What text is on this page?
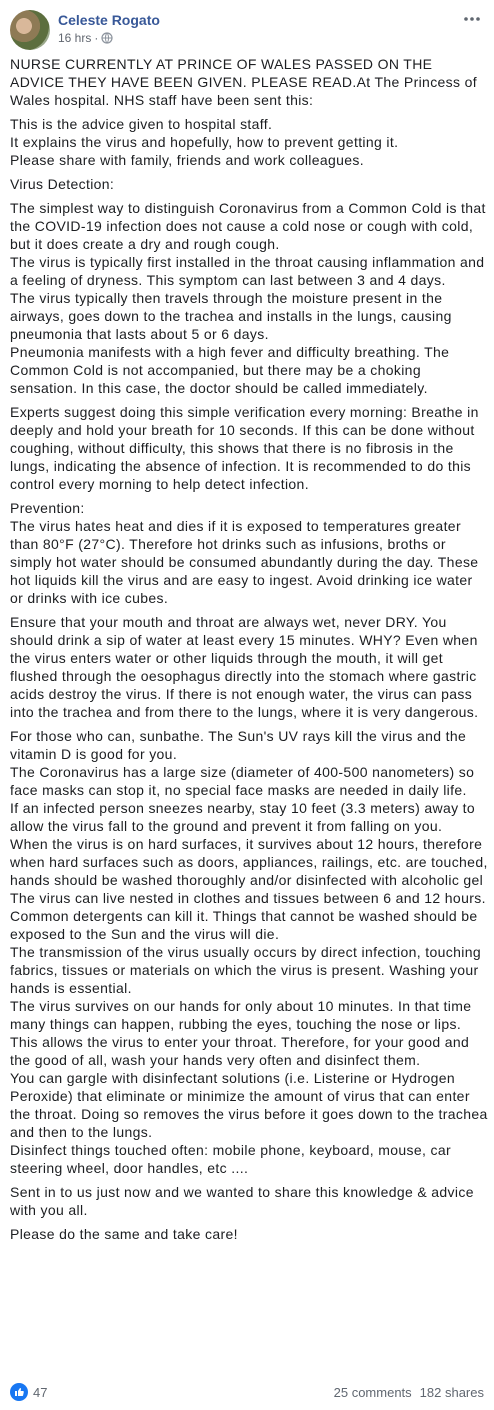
Celeste Rogato
16 hrs ·

NURSE CURRENTLY AT PRINCE OF WALES PASSED ON THE ADVICE THEY HAVE BEEN GIVEN. PLEASE READ.At The Princess of Wales hospital. NHS staff have been sent this:

This is the advice given to hospital staff.
It explains the virus and hopefully, how to prevent getting it.
Please share with family, friends and work colleagues.

Virus Detection:

The simplest way to distinguish Coronavirus from a Common Cold is that the COVID-19 infection does not cause a cold nose or cough with cold, but it does create a dry and rough cough.
The virus is typically first installed in the throat causing inflammation and a feeling of dryness. This symptom can last between 3 and 4 days.
The virus typically then travels through the moisture present in the airways, goes down to the trachea and installs in the lungs, causing pneumonia that lasts about 5 or 6 days.
Pneumonia manifests with a high fever and difficulty breathing. The Common Cold is not accompanied, but there may be a choking sensation. In this case, the doctor should be called immediately.

Experts suggest doing this simple verification every morning: Breathe in deeply and hold your breath for 10 seconds. If this can be done without coughing, without difficulty, this shows that there is no fibrosis in the lungs, indicating the absence of infection. It is recommended to do this control every morning to help detect infection.

Prevention:
The virus hates heat and dies if it is exposed to temperatures greater than 80°F (27°C). Therefore hot drinks such as infusions, broths or simply hot water should be consumed abundantly during the day. These hot liquids kill the virus and are easy to ingest. Avoid drinking ice water or drinks with ice cubes.

Ensure that your mouth and throat are always wet, never DRY. You should drink a sip of water at least every 15 minutes. WHY? Even when the virus enters water or other liquids through the mouth, it will get flushed through the oesophagus directly into the stomach where gastric acids destroy the virus. If there is not enough water, the virus can pass into the trachea and from there to the lungs, where it is very dangerous.

For those who can, sunbathe. The Sun's UV rays kill the virus and the vitamin D is good for you.
The Coronavirus has a large size (diameter of 400-500 nanometers) so face masks can stop it, no special face masks are needed in daily life.
If an infected person sneezes nearby, stay 10 feet (3.3 meters) away to allow the virus fall to the ground and prevent it from falling on you.
When the virus is on hard surfaces, it survives about 12 hours, therefore when hard surfaces such as doors, appliances, railings, etc. are touched, hands should be washed thoroughly and/or disinfected with alcoholic gel The virus can live nested in clothes and tissues between 6 and 12 hours. Common detergents can kill it. Things that cannot be washed should be exposed to the Sun and the virus will die.
The transmission of the virus usually occurs by direct infection, touching fabrics, tissues or materials on which the virus is present. Washing your hands is essential.
The virus survives on our hands for only about 10 minutes. In that time many things can happen, rubbing the eyes, touching the nose or lips. This allows the virus to enter your throat. Therefore, for your good and the good of all, wash your hands very often and disinfect them.
You can gargle with disinfectant solutions (i.e. Listerine or Hydrogen Peroxide) that eliminate or minimize the amount of virus that can enter the throat. Doing so removes the virus before it goes down to the trachea and then to the lungs.
Disinfect things touched often: mobile phone, keyboard, mouse, car steering wheel, door handles, etc ....

Sent in to us just now and we wanted to share this knowledge & advice with you all.

Please do the same and take care!

47	25 comments 182 shares
